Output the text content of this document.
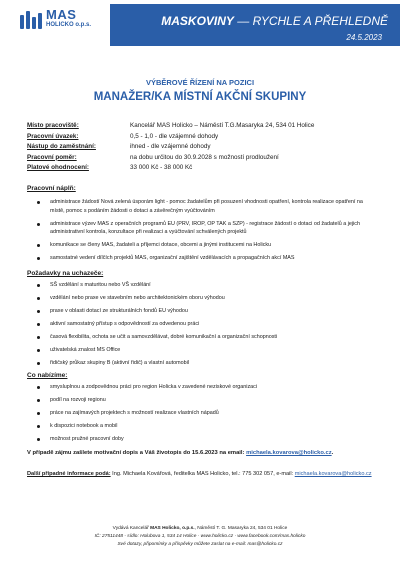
MAS
HOLICKO o.p.s.	MASKOVINY — RYCHLE A PŘEHLEDNĚ
24.5.2023
VÝBĚROVÉ ŘÍZENÍ NA POZICI
MANAŽER/KA MÍSTNÍ AKČNÍ SKUPINY
Místo pracoviště:	Kancelář MAS Holicko – Náměstí T.G.Masaryka 24, 534 01 Holice
Pracovní úvazek:	0,5 - 1,0 - dle vzájemné dohody
Nástup do zaměstnání:	ihned - dle vzájemné dohody
Pracovní poměr:	na dobu určitou do 30.9.2028 s možností prodloužení
Platové ohodnocení:	33 000 Kč - 38 000 Kč
Pracovní náplň:
administrace žádostí Nová zelená úsporám light - pomoc žadatelům při posuzení vhodnosti opatření, kontrola realizace opatření na místě, pomoc s podáním žádosti o dotaci a závěrečným vyúčtováním
administrace výzev MAS z operačních programů EU (PRV, IROP, OP TAK a SZP) - registrace žádostí o dotaci od žadatelů a jejich administrativní kontrola, konzultace při realizaci a vyúčtování schválených projektů
komunikace se členy MAS, žadateli a příjemci dotace, obcemi a jinými institucemi na Holicku
samostatné vedení dílčích projektů MAS, organizační zajištění vzdělávacích a propagačních akcí MAS
Požadavky na uchazeče:
SŠ vzdělání s maturitou nebo VŠ vzdělání
vzdělání nebo praxe ve stavebním nebo architektonickém oboru výhodou
praxe v oblasti dotací ze strukturálních fondů EU výhodou
aktivní samostatný přístup s odpovědností za odvedenou práci
časová flexibilita, ochota se učit a samovzdělávat, dobré komunikační a organizační schopnosti
uživatelská znalost MS Office
řidičský průkaz skupiny B (aktivní řidič) a vlastní automobil
Co nabízíme:
smysluplnou a zodpovědnou práci pro region Holicka v zavedené neziskové organizaci
podíl na rozvoji regionu
práce na zajímavých projektech s možností realizace vlastních nápadů
k dispozici notebook a mobil
možnost pružné pracovní doby
V případě zájmu zašlete motivační dopis a Váš životopis do 15.6.2023 na email: michaela.kovarova@holicko.cz.
Další případné informace podá: Ing. Michaela Kovářová, ředitelka MAS Holicko, tel.: 775 302 057, e-mail: michaela.kovarova@holicko.cz
Vydává Kancelář MAS Holicko, o.p.s., Náměstí T. G. Masaryka 24, 534 01 Holice
IČ: 27511448 - sídlo: Holubova 1, 534 14 Holice · www.holicko.cz · www.facebook.com/mas.holicko
Své dotazy, připomínky a příspěvky můžete zaslat na e-mail: mas@holicko.cz
